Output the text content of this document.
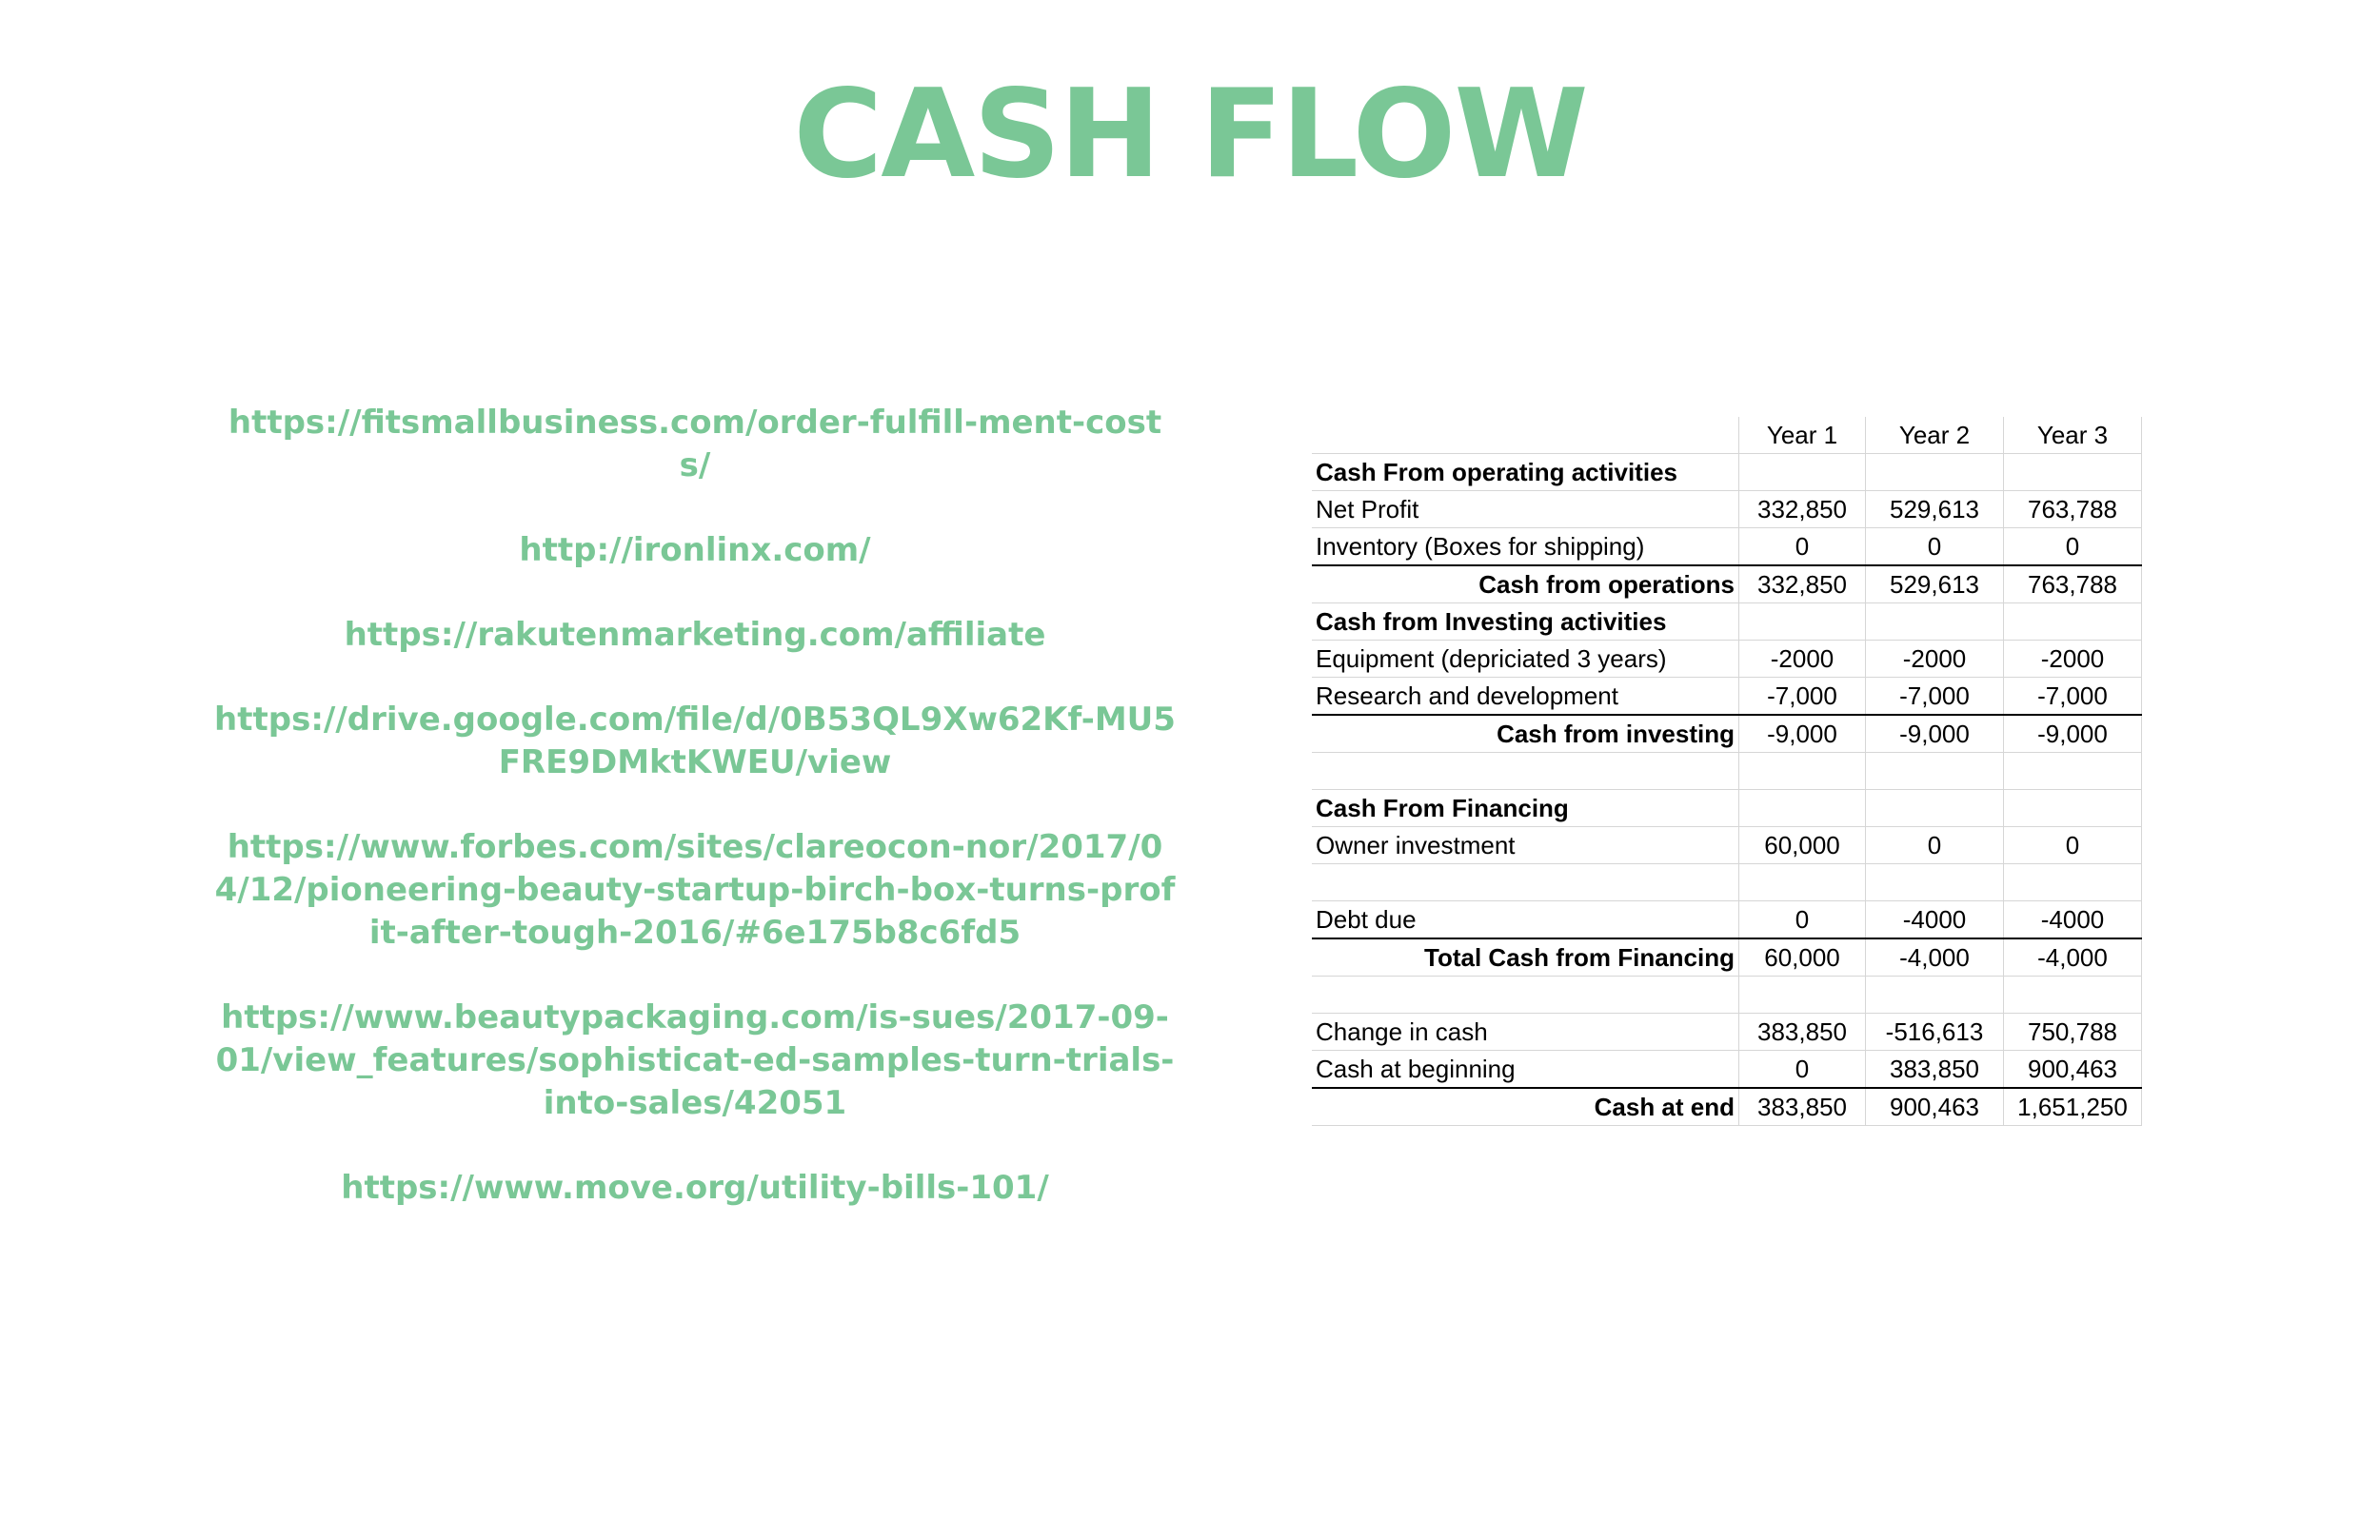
CASH FLOW
https://fitsmallbusiness.com/order-fulfill-ment-costs/
http://ironlinx.com/
https://rakutenmarketing.com/affiliate
https://drive.google.com/file/d/0B53QL9Xw62Kf-MU5FRE9DMktKWEU/view
https://www.forbes.com/sites/clareocon-nor/2017/04/12/pioneering-beauty-startup-birch-box-turns-profit-after-tough-2016/#6e175b8c6fd5
https://www.beautypackaging.com/is-sues/2017-09-01/view_features/sophisticat-ed-samples-turn-trials-into-sales/42051
https://www.move.org/utility-bills-101/
	Year 1	Year 2	Year 3
Cash From operating activities			
Net Profit	332,850	529,613	763,788
Inventory (Boxes for shipping)	0	0	0
Cash from operations	332,850	529,613	763,788
Cash from Investing activities			
Equipment (depriciated 3 years)	-2000	-2000	-2000
Research and development	-7,000	-7,000	-7,000
Cash from investing	-9,000	-9,000	-9,000

Cash From Financing			
Owner investment	60,000	0	0

Debt due	0	-4000	-4000
Total Cash from Financing	60,000	-4,000	-4,000

Change in cash	383,850	-516,613	750,788
Cash at beginning	0	383,850	900,463
Cash at end	383,850	900,463	1,651,250
